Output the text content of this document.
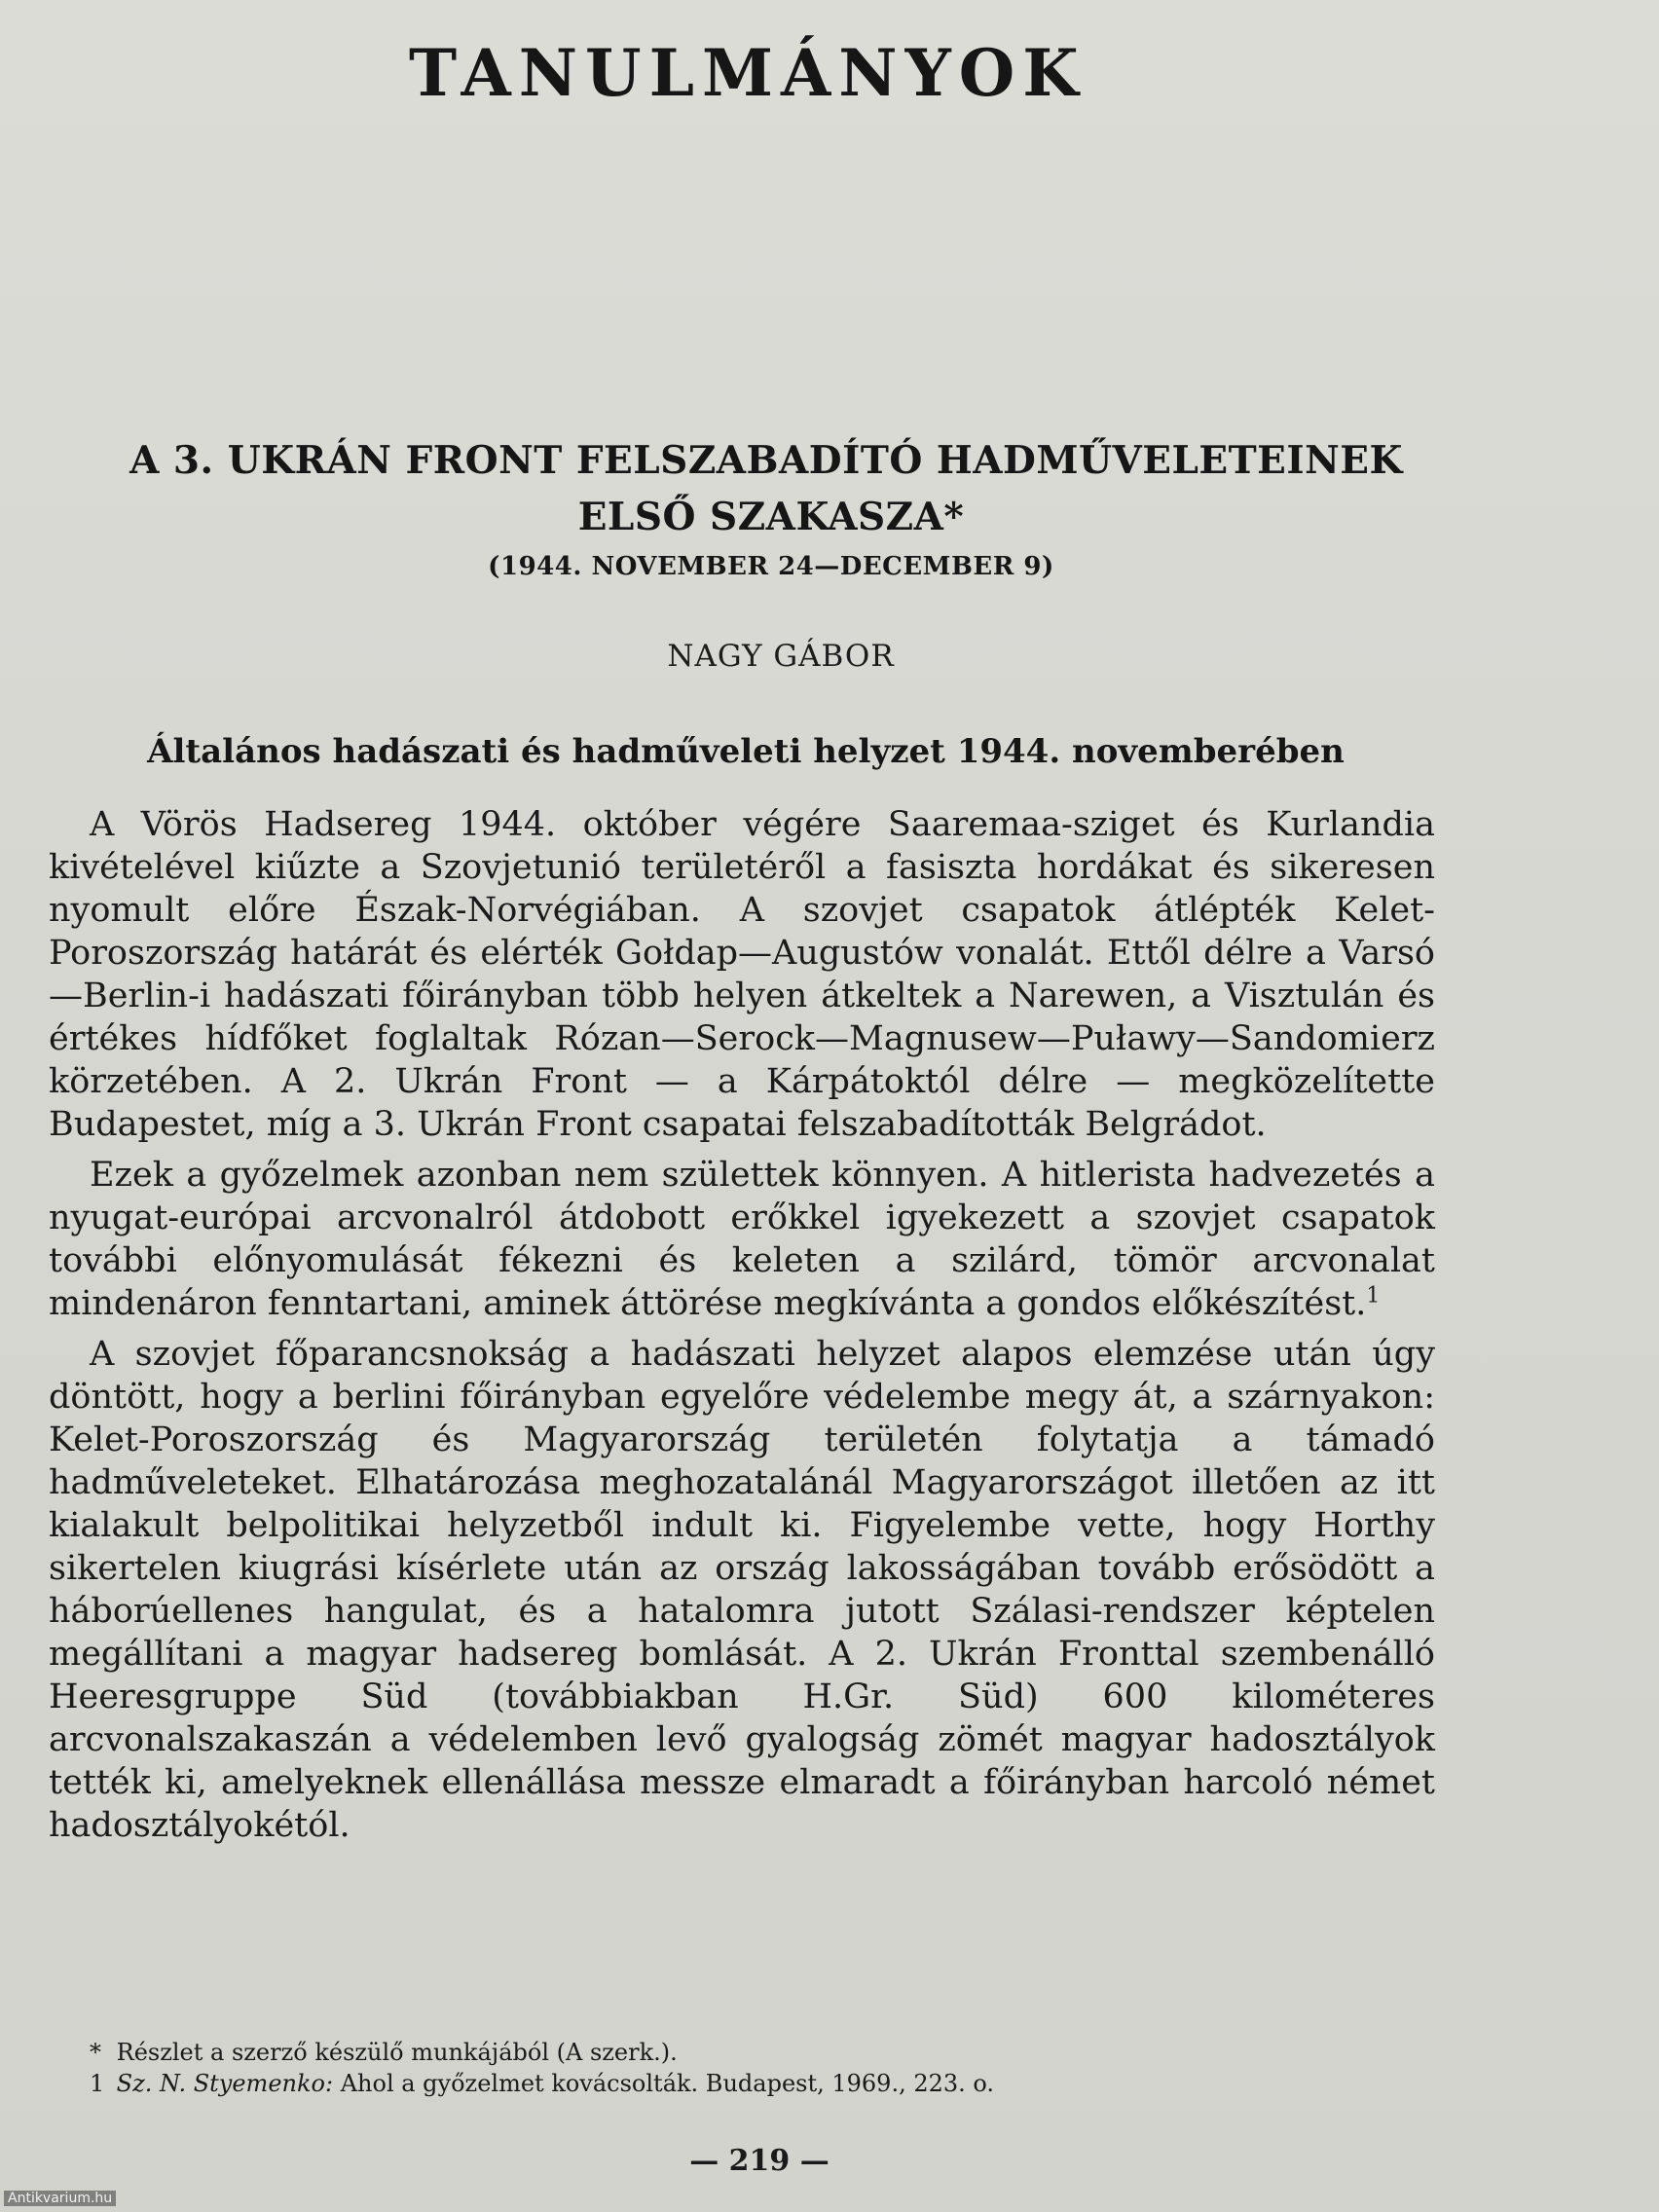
TANULMÁNYOK
A 3. UKRÁN FRONT FELSZABADÍTÓ HADMŰVELETEINEK
ELSŐ SZAKASZA*
(1944. NOVEMBER 24—DECEMBER 9)
NAGY GÁBOR
Általános hadászati és hadműveleti helyzet 1944. novemberében

A Vörös Hadsereg 1944. október végére Saaremaa-sziget és Kurlandia kivételével kiűzte a Szovjetunió területéről a fasiszta hordákat és sikeresen nyomult előre Észak-Norvégiában. A szovjet csapatok átlépték Kelet-Poroszország határát és elérték Gołdap—Augustów vonalát. Ettől délre a Varsó—Berlin-i hadászati főirányban több helyen átkeltek a Narewen, a Visztulán és értékes hídfőket foglaltak Rózan—Serock—Magnusew—Puławy—Sandomierz körzetében. A 2. Ukrán Front — a Kárpátoktól délre — megközelítette Budapestet, míg a 3. Ukrán Front csapatai felszabadították Belgrádot.

Ezek a győzelmek azonban nem születtek könnyen. A hitlerista hadvezetés a nyugat-európai arcvonalról átdobott erőkkel igyekezett a szovjet csapatok további előnyomulását fékezni és keleten a szilárd, tömör arcvonalat mindenáron fenntartani, aminek áttörése megkívánta a gondos előkészítést.$^1$

A szovjet főparancsnokság a hadászati helyzet alapos elemzése után úgy döntött, hogy a berlini főirányban egyelőre védelembe megy át, a szárnyakon: Kelet-Poroszország és Magyarország területén folytatja a támadó hadműveleteket. Elhatározása meghozatalánál Magyarországot illetően az itt kialakult belpolitikai helyzetből indult ki. Figyelembe vette, hogy Horthy sikertelen kiugrási kísérlete után az ország lakosságában tovább erősödött a háborúellenes hangulat, és a hatalomra jutott Szálasi-rendszer képtelen megállítani a magyar hadsereg bomlását. A 2. Ukrán Fronttal szembenálló Heeresgruppe Süd (továbbiakban H.Gr. Süd) 600 kilométeres arcvonalszakaszán a védelemben levő gyalogság zömét magyar hadosztályok tették ki, amelyeknek ellenállása messze elmaradt a főirányban harcoló német hadosztályokétól.

* Részlet a szerző készülő munkájából (A szerk.).
1 Sz. N. Styemenko: Ahol a győzelmet kovácsolták. Budapest, 1969., 223. o.
— 219 —
Antikvarium.hu
